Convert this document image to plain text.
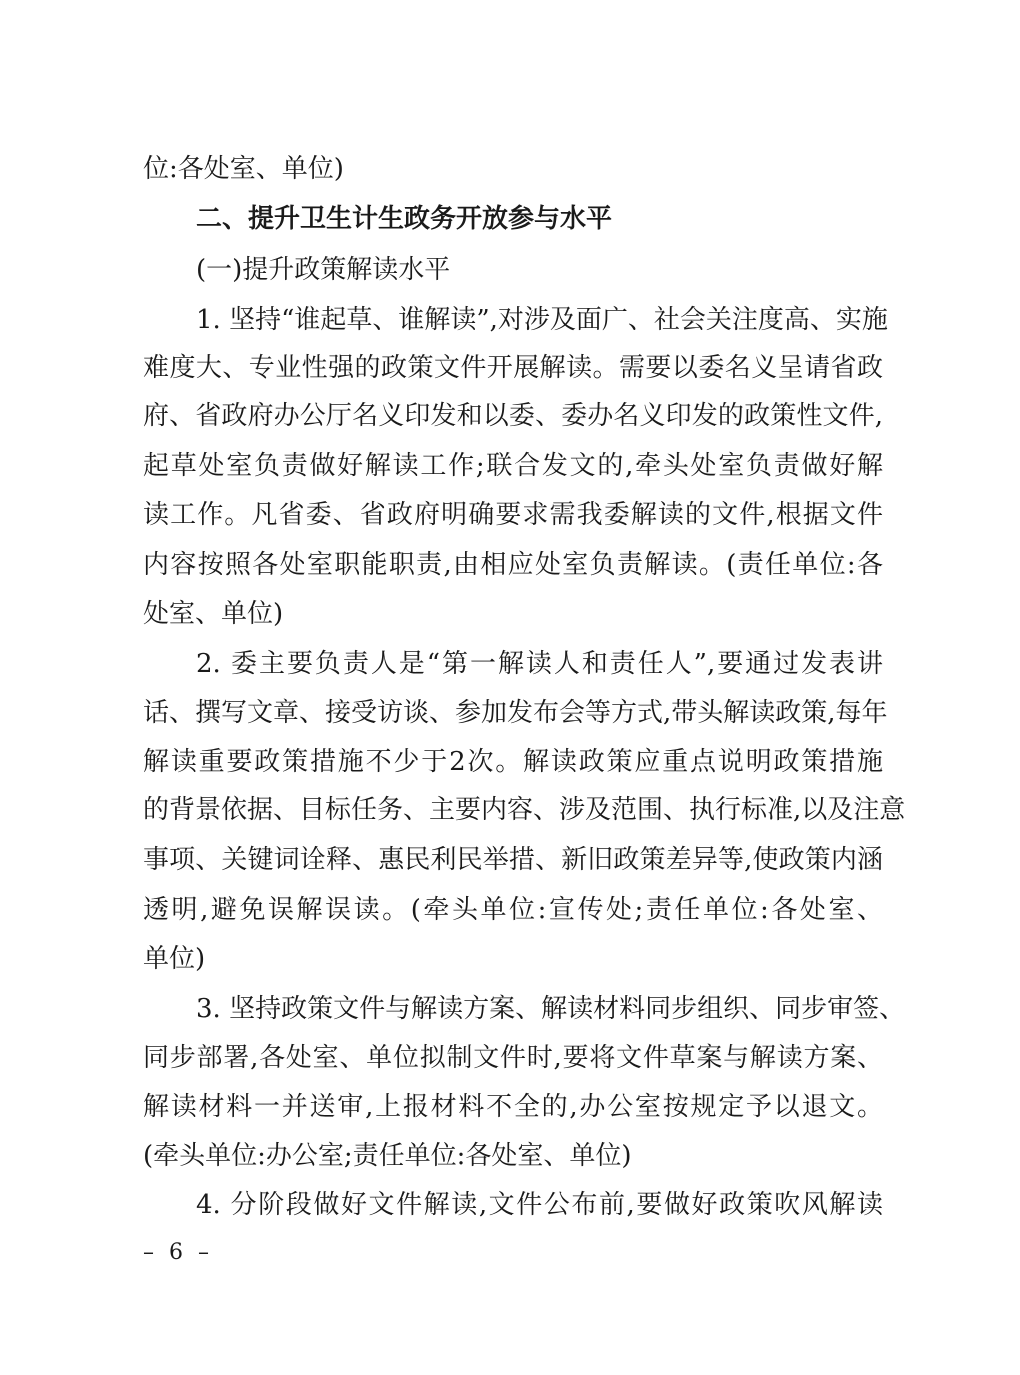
位:各处室、单位)
二、提升卫生计生政务开放参与水平
(一)提升政策解读水平
1. 坚持“谁起草、谁解读”,对涉及面广、社会关注度高、实施
难度大、专业性强的政策文件开展解读。需要以委名义呈请省政
府、省政府办公厅名义印发和以委、委办名义印发的政策性文件,
起草处室负责做好解读工作;联合发文的,牵头处室负责做好解
读工作。凡省委、省政府明确要求需我委解读的文件,根据文件
内容按照各处室职能职责,由相应处室负责解读。(责任单位:各
处室、单位)
2. 委主要负责人是“第一解读人和责任人”,要通过发表讲
话、撰写文章、接受访谈、参加发布会等方式,带头解读政策,每年
解读重要政策措施不少于2次。解读政策应重点说明政策措施
的背景依据、目标任务、主要内容、涉及范围、执行标准,以及注意
事项、关键词诠释、惠民利民举措、新旧政策差异等,使政策内涵
透明,避免误解误读。(牵头单位:宣传处;责任单位:各处室、
单位)
3. 坚持政策文件与解读方案、解读材料同步组织、同步审签、
同步部署,各处室、单位拟制文件时,要将文件草案与解读方案、
解读材料一并送审,上报材料不全的,办公室按规定予以退文。
(牵头单位:办公室;责任单位:各处室、单位)
4. 分阶段做好文件解读,文件公布前,要做好政策吹风解读
– 6 –
